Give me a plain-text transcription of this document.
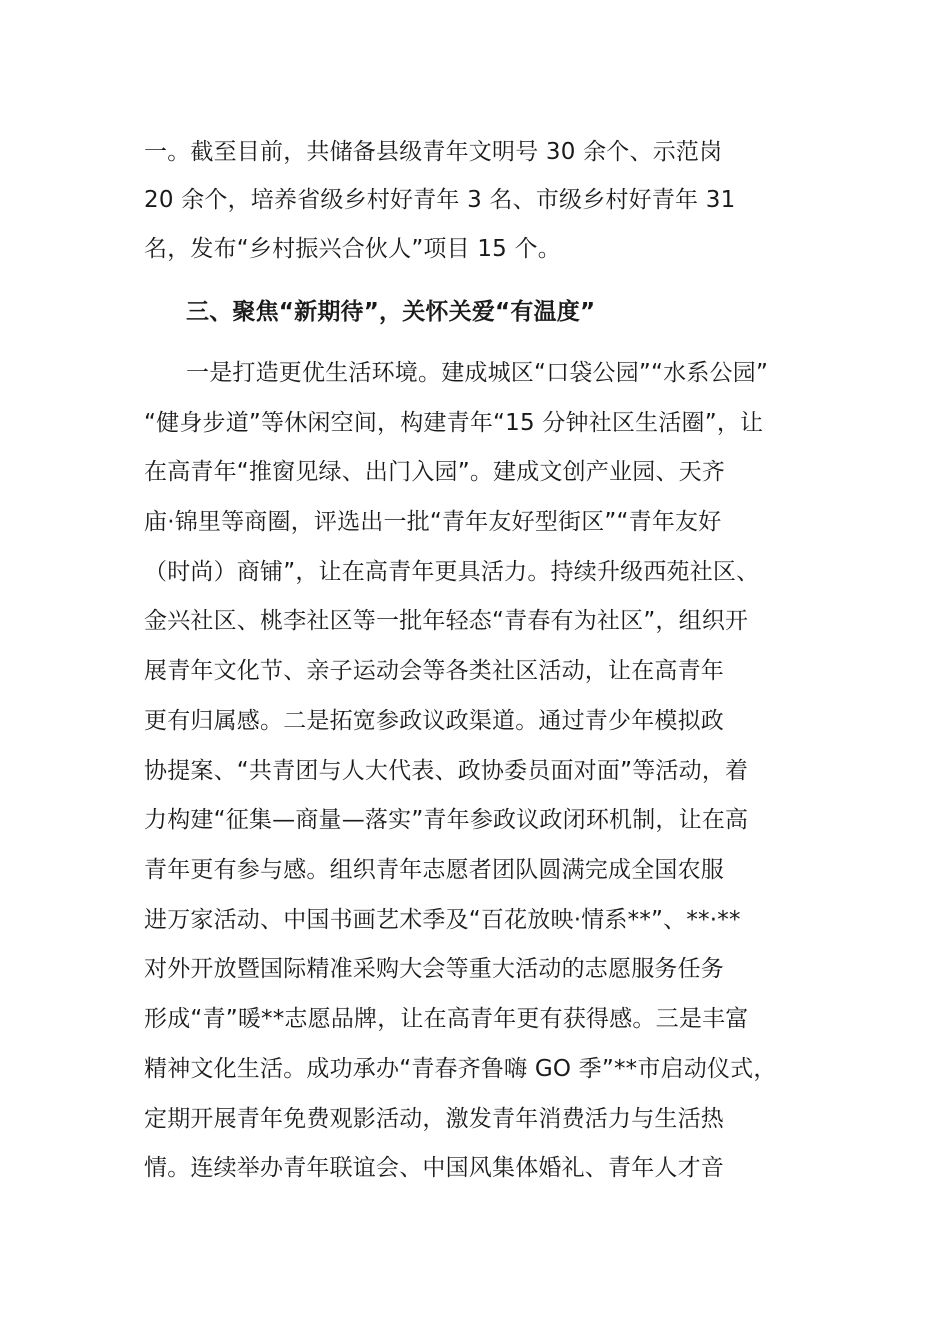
一。截至目前，共储备县级青年文明号 30 余个、示范岗
20 余个，培养省级乡村好青年 3 名、市级乡村好青年 31
名，发布“乡村振兴合伙人”项目 15 个。
三、聚焦“新期待”，关怀关爱“有温度”
一是打造更优生活环境。建成城区“口袋公园”“水系公园”
“健身步道”等休闲空间，构建青年“15 分钟社区生活圈”，让
在高青年“推窗见绿、出门入园”。建成文创产业园、天齐
庙·锦里等商圈，评选出一批“青年友好型街区”“青年友好
（时尚）商铺”，让在高青年更具活力。持续升级西苑社区、
金兴社区、桃李社区等一批年轻态“青春有为社区”，组织开
展青年文化节、亲子运动会等各类社区活动，让在高青年
更有归属感。二是拓宽参政议政渠道。通过青少年模拟政
协提案、“共青团与人大代表、政协委员面对面”等活动，着
力构建“征集—商量—落实”青年参政议政闭环机制，让在高
青年更有参与感。组织青年志愿者团队圆满完成全国农服
进万家活动、中国书画艺术季及“百花放映·情系**”、**·**
对外开放暨国际精准采购大会等重大活动的志愿服务任务
形成“青”暖**志愿品牌，让在高青年更有获得感。三是丰富
精神文化生活。成功承办“青春齐鲁嗨 GO 季”**市启动仪式，
定期开展青年免费观影活动，激发青年消费活力与生活热
情。连续举办青年联谊会、中国风集体婚礼、青年人才音
